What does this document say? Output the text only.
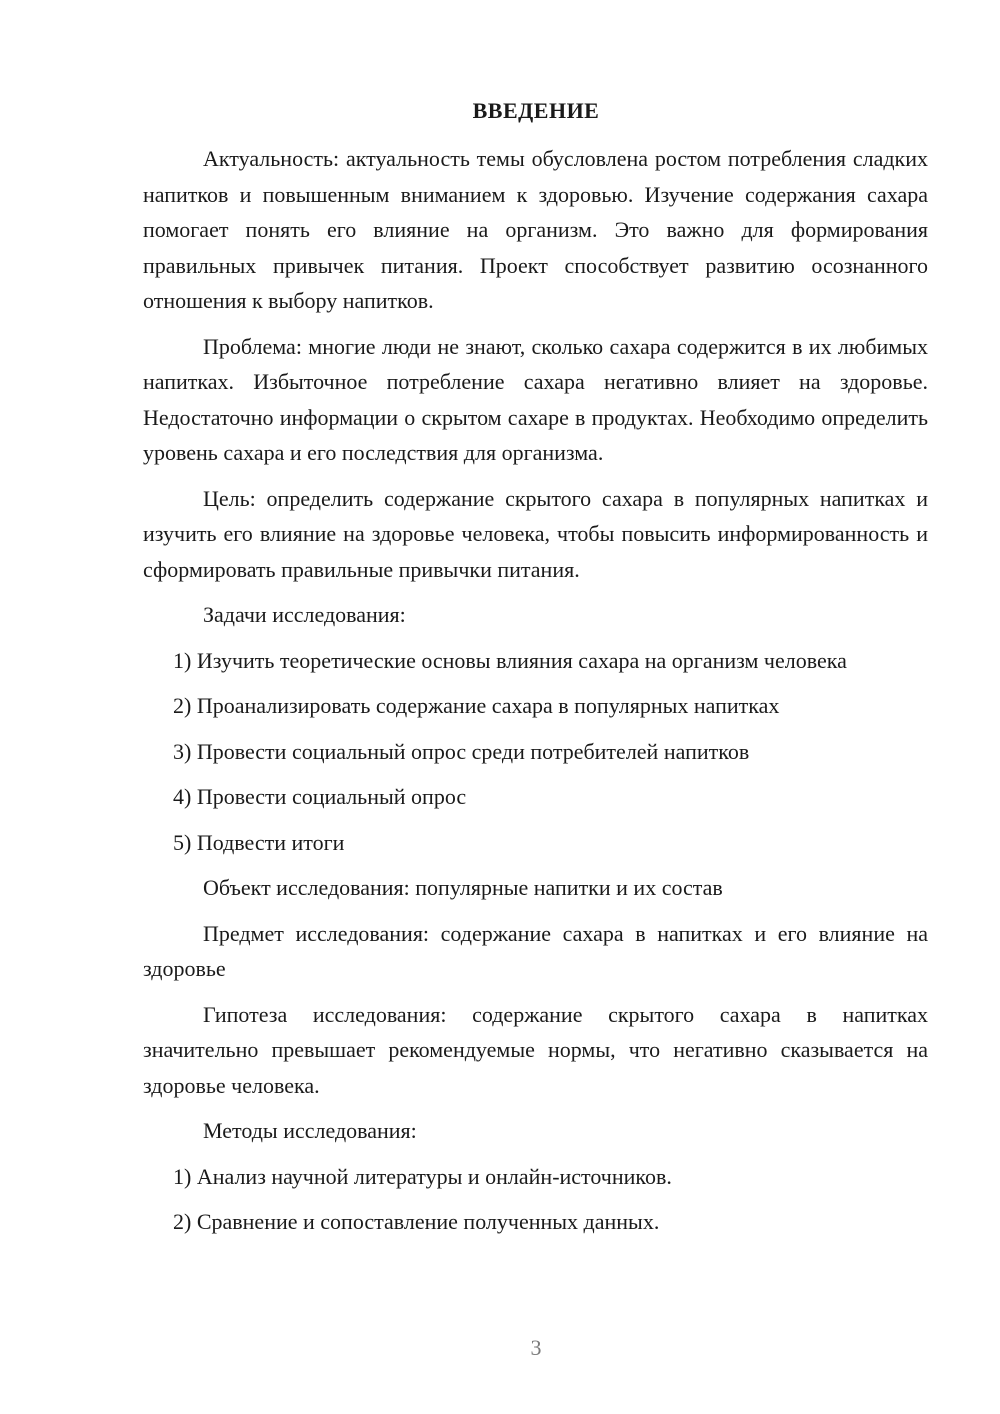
ВВЕДЕНИЕ

Актуальность: актуальность темы обусловлена ростом потребления сладких напитков и повышенным вниманием к здоровью. Изучение содержания сахара помогает понять его влияние на организм. Это важно для формирования правильных привычек питания. Проект способствует развитию осознанного отношения к выбору напитков.

Проблема: многие люди не знают, сколько сахара содержится в их любимых напитках. Избыточное потребление сахара негативно влияет на здоровье. Недостаточно информации о скрытом сахаре в продуктах. Необходимо определить уровень сахара и его последствия для организма.

Цель: определить содержание скрытого сахара в популярных напитках и изучить его влияние на здоровье человека, чтобы повысить информированность и сформировать правильные привычки питания.

Задачи исследования:

1) Изучить теоретические основы влияния сахара на организм человека

2) Проанализировать содержание сахара в популярных напитках

3) Провести социальный опрос среди потребителей напитков

4) Провести социальный опрос

5) Подвести итоги

Объект исследования: популярные напитки и их состав

Предмет исследования: содержание сахара в напитках и его влияние на здоровье

Гипотеза исследования: содержание скрытого сахара в напитках значительно превышает рекомендуемые нормы, что негативно сказывается на здоровье человека.

Методы исследования:

1) Анализ научной литературы и онлайн-источников.

2) Сравнение и сопоставление полученных данных.

3
